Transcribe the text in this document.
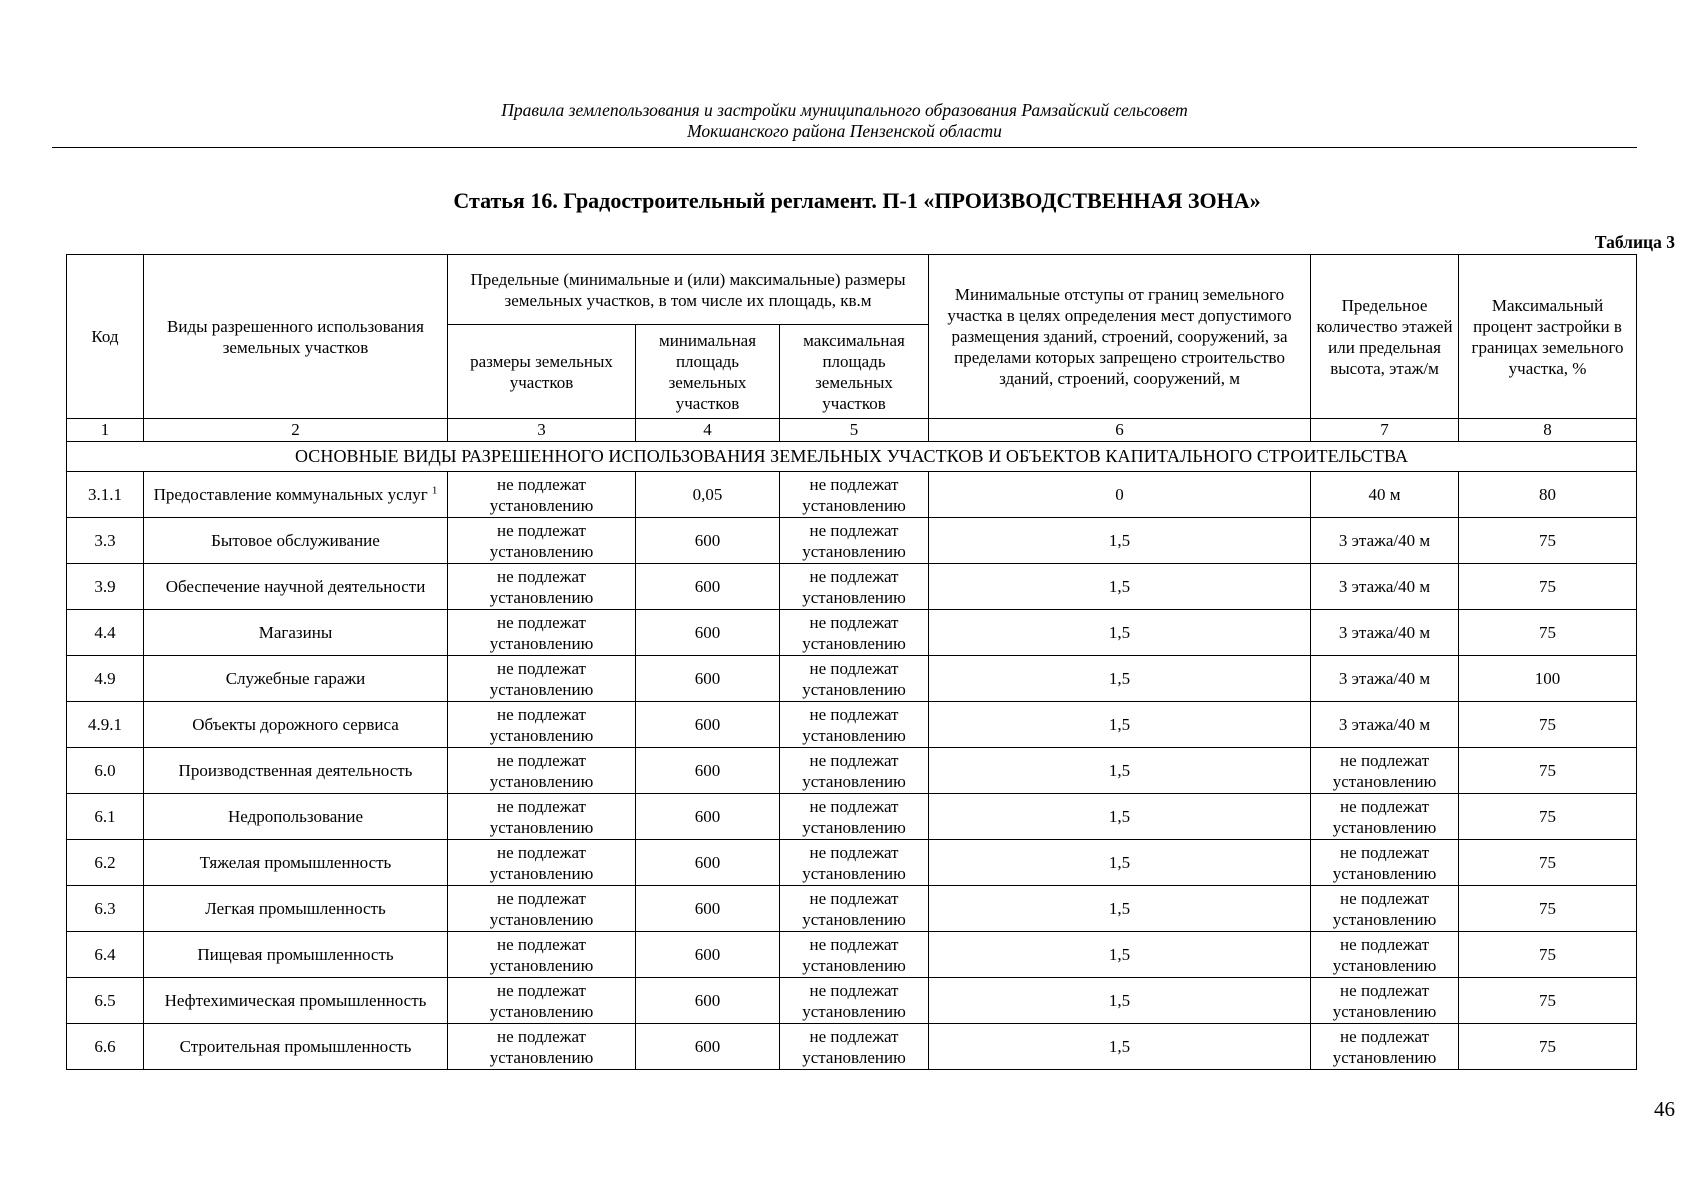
Правила землепользования и застройки муниципального образования Рамзайский сельсовет
Мокшанского района Пензенской области
Статья 16. Градостроительный регламент. П-1 «ПРОИЗВОДСТВЕННАЯ ЗОНА»
Таблица 3
Код	Виды разрешенного использования земельных участков	Предельные (минимальные и (или) максимальные) размеры земельных участков, в том числе их площадь, кв.м			Минимальные отступы от границ земельного участка в целях определения мест допустимого размещения зданий, строений, сооружений, за пределами которых запрещено строительство зданий, строений, сооружений, м	Предельное количество этажей или предельная высота, этаж/м	Максимальный процент застройки в границах земельного участка, %
		размеры земельных участков	минимальная площадь земельных участков	максимальная площадь земельных участков			
1	2	3	4	5	6	7	8
ОСНОВНЫЕ ВИДЫ РАЗРЕШЕННОГО ИСПОЛЬЗОВАНИЯ ЗЕМЕЛЬНЫХ УЧАСТКОВ И ОБЪЕКТОВ КАПИТАЛЬНОГО СТРОИТЕЛЬСТВА							
3.1.1	Предоставление коммунальных услуг $^1$	не подлежат установлению	0,05	не подлежат установлению	0	40 м	80
3.3	Бытовое обслуживание	не подлежат установлению	600	не подлежат установлению	1,5	3 этажа/40 м	75
3.9	Обеспечение научной деятельности	не подлежат установлению	600	не подлежат установлению	1,5	3 этажа/40 м	75
4.4	Магазины	не подлежат установлению	600	не подлежат установлению	1,5	3 этажа/40 м	75
4.9	Служебные гаражи	не подлежат установлению	600	не подлежат установлению	1,5	3 этажа/40 м	100
4.9.1	Объекты дорожного сервиса	не подлежат установлению	600	не подлежат установлению	1,5	3 этажа/40 м	75
6.0	Производственная деятельность	не подлежат установлению	600	не подлежат установлению	1,5	не подлежат установлению	75
6.1	Недропользование	не подлежат установлению	600	не подлежат установлению	1,5	не подлежат установлению	75
6.2	Тяжелая промышленность	не подлежат установлению	600	не подлежат установлению	1,5	не подлежат установлению	75
6.3	Легкая промышленность	не подлежат установлению	600	не подлежат установлению	1,5	не подлежат установлению	75
6.4	Пищевая промышленность	не подлежат установлению	600	не подлежат установлению	1,5	не подлежат установлению	75
6.5	Нефтехимическая промышленность	не подлежат установлению	600	не подлежат установлению	1,5	не подлежат установлению	75
6.6	Строительная промышленность	не подлежат установлению	600	не подлежат установлению	1,5	не подлежат установлению	75
46
